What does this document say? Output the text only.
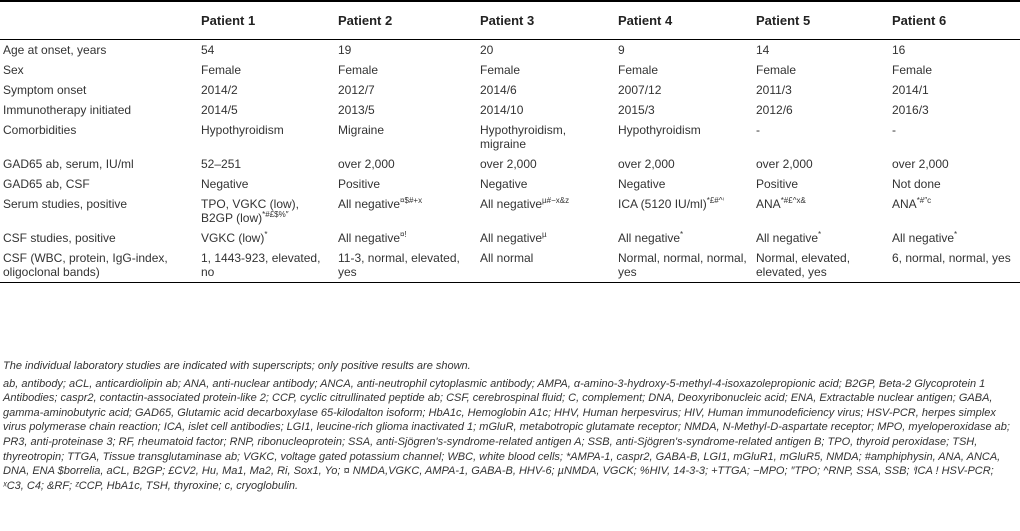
	Patient 1	Patient 2	Patient 3	Patient 4	Patient 5	Patient 6
Age at onset, years	54	19	20	9	14	16
Sex	Female	Female	Female	Female	Female	Female
Symptom onset	2014/2	2012/7	2014/6	2007/12	2011/3	2014/1
Immunotherapy initiated	2014/5	2013/5	2014/10	2015/3	2012/6	2016/3
Comorbidities	Hypothyroidism	Migraine	Hypothyroidism, migraine	Hypothyroidism	-	-
GAD65 ab, serum, IU/ml	52–251	over 2,000	over 2,000	over 2,000	over 2,000	over 2,000
GAD65 ab, CSF	Negative	Positive	Negative	Negative	Positive	Not done
Serum studies, positive	TPO, VGKC (low), B2GP (low)*#£$%″	All negative$^{¤\$\#+x}$	All negative$^{\mu\#-x\&z}$	ICA (5120 IU/ml)$^{*£\#\^{}^i}$	$ANA^{*\#£\^{}x\&}$	$ANA^{*\#''c}$
CSF studies, positive	VGKC (low)*	All negative¤!	All negative$^\mu$	All negative*	All negative*	All negative*
CSF (WBC, protein, IgG-index, oligoclonal bands)	1, 1443-923, elevated, no	11-3, normal, elevated, yes	All normal	Normal, normal, normal, yes	Normal, elevated, elevated, yes	6, normal, normal, yes

The individual laboratory studies are indicated with superscripts; only positive results are shown.

ab, antibody; aCL, anticardiolipin ab; ANA, anti-nuclear antibody; ANCA, anti-neutrophil cytoplasmic antibody; AMPA, α-amino-3-hydroxy-5-methyl-4-isoxazolepropionic acid; B2GP, Beta-2 Glycoprotein 1 Antibodies; caspr2, contactin-associated protein-like 2; CCP, cyclic citrullinated peptide ab; CSF, cerebrospinal fluid; C, complement; DNA, Deoxyribonucleic acid; ENA, Extractable nuclear antigen; GABA, gamma-aminobutyric acid; GAD65, Glutamic acid decarboxylase 65-kilodalton isoform; HbA1c, Hemoglobin A1c; HHV, Human herpesvirus; HIV, Human immunodeficiency virus; HSV-PCR, herpes simplex virus polymerase chain reaction; ICA, islet cell antibodies; LGI1, leucine-rich glioma inactivated 1; mGluR, metabotropic glutamate receptor; NMDA, N-Methyl-D-aspartate receptor; MPO, myeloperoxidase ab; PR3, anti-proteinase 3; RF, rheumatoid factor; RNP, ribonucleoprotein; SSA, anti-Sjögren's-syndrome-related antigen A; SSB, anti-Sjögren's-syndrome-related antigen B; TPO, thyroid peroxidase; TSH, thyreotropin; TTGA, Tissue transglutaminase ab; VGKC, voltage gated potassium channel; WBC, white blood cells; *AMPA-1, caspr2, GABA-B, LGI1, mGluR1, mGluR5, NMDA; #amphiphysin, ANA, ANCA, DNA, ENA $borrelia, aCL, B2GP; £CV2, Hu, Ma1, Ma2, Ri, Sox1, Yo; ¤ NMDA,VGKC, AMPA-1, GABA-B, HHV-6; µNMDA, VGCK; %HIV, 14-3-3; +TTGA; −MPO; ″TPO; ^RNP, SSA, SSB; ⁱICA ! HSV-PCR; ˣC3, C4; &RF; ᶻCCP, HbA1c, TSH, thyroxine; c, cryoglobulin.
